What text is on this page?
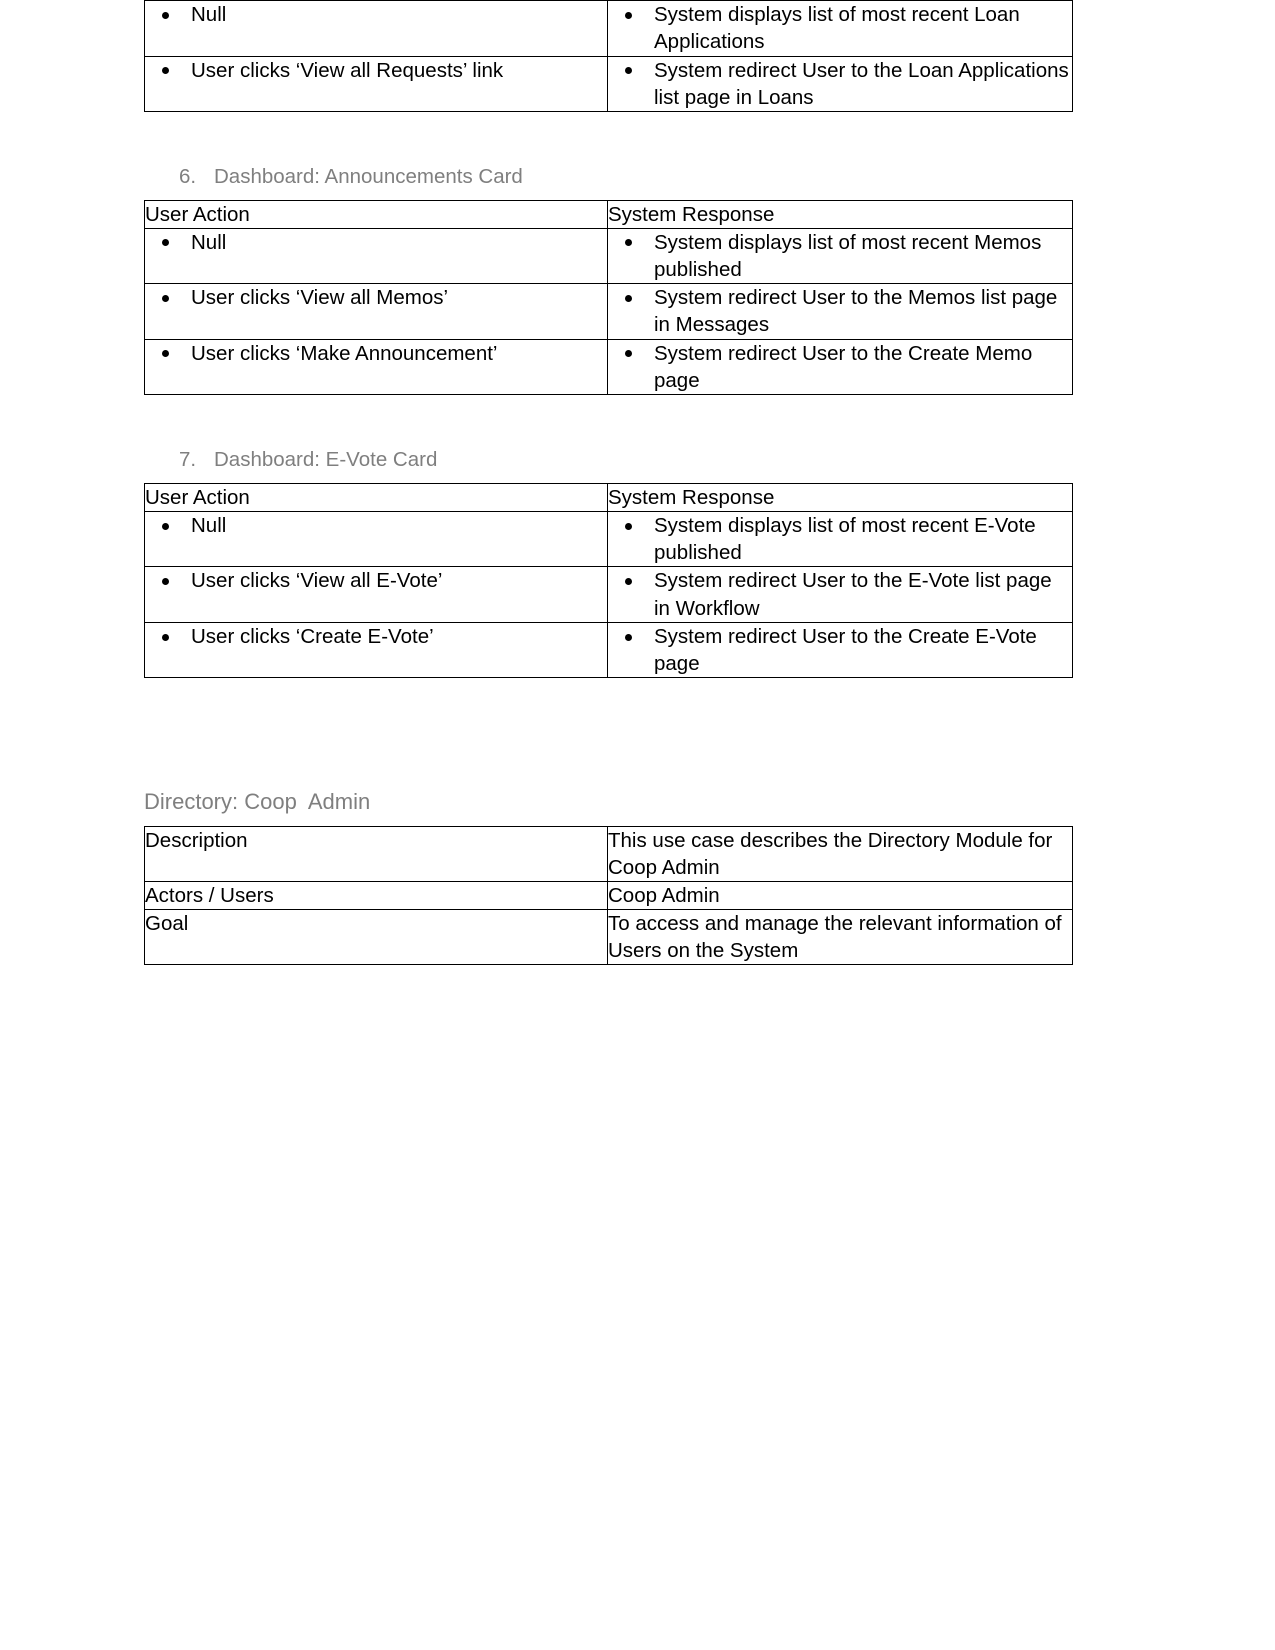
Null	System displays list of most recent Loan Applications

User clicks ‘View all Requests’ link	System redirect User to the Loan Applications list page in Loans
6. Dashboard: Announcements Card
User Action	System Response

Null	System displays list of most recent Memos published

User clicks ‘View all Memos’	System redirect User to the Memos list page in Messages

User clicks ‘Make Announcement’	System redirect User to the Create Memo page
7. Dashboard: E-Vote Card
User Action	System Response

Null	System displays list of most recent E-Vote published

User clicks ‘View all E-Vote’	System redirect User to the E-Vote list page in Workflow

User clicks ‘Create E-Vote’	System redirect User to the Create E-Vote page
Directory: Coop  Admin
Description	This use case describes the Directory Module for Coop Admin
Actors / Users	Coop Admin
Goal	To access and manage the relevant information of Users on the System
